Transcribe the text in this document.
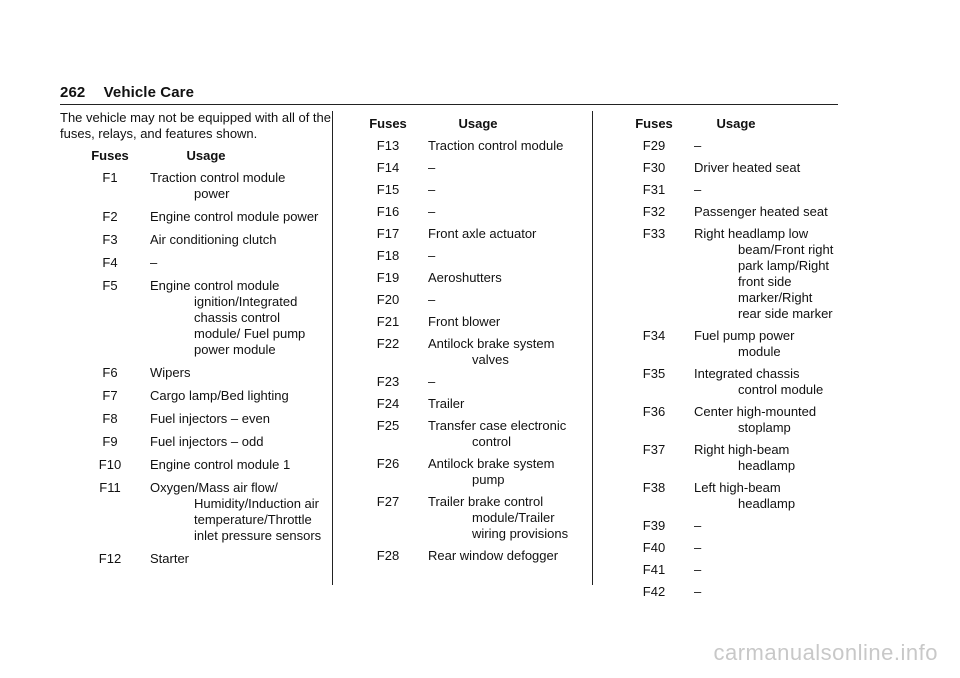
262 Vehicle Care
The vehicle may not be equipped with all of the fuses, relays, and features shown.
Fuses	Usage
F1	Traction control module power
F2	Engine control module power
F3	Air conditioning clutch
F4	–
F5	Engine control module ignition/Integrated chassis control module/ Fuel pump power module
F6	Wipers
F7	Cargo lamp/Bed lighting
F8	Fuel injectors – even
F9	Fuel injectors – odd
F10	Engine control module 1
F11	Oxygen/Mass air flow/ Humidity/Induction air temperature/Throttle inlet pressure sensors
F12	Starter
Fuses	Usage
F13	Traction control module
F14	–
F15	–
F16	–
F17	Front axle actuator
F18	–
F19	Aeroshutters
F20	–
F21	Front blower
F22	Antilock brake system valves
F23	–
F24	Trailer
F25	Transfer case electronic control
F26	Antilock brake system pump
F27	Trailer brake control module/Trailer wiring provisions
F28	Rear window defogger
Fuses	Usage
F29	–
F30	Driver heated seat
F31	–
F32	Passenger heated seat
F33	Right headlamp low beam/Front right park lamp/Right front side marker/Right rear side marker
F34	Fuel pump power module
F35	Integrated chassis control module
F36	Center high-mounted stoplamp
F37	Right high-beam headlamp
F38	Left high-beam headlamp
F39	–
F40	–
F41	–
F42	–
carmanualsonline.info
